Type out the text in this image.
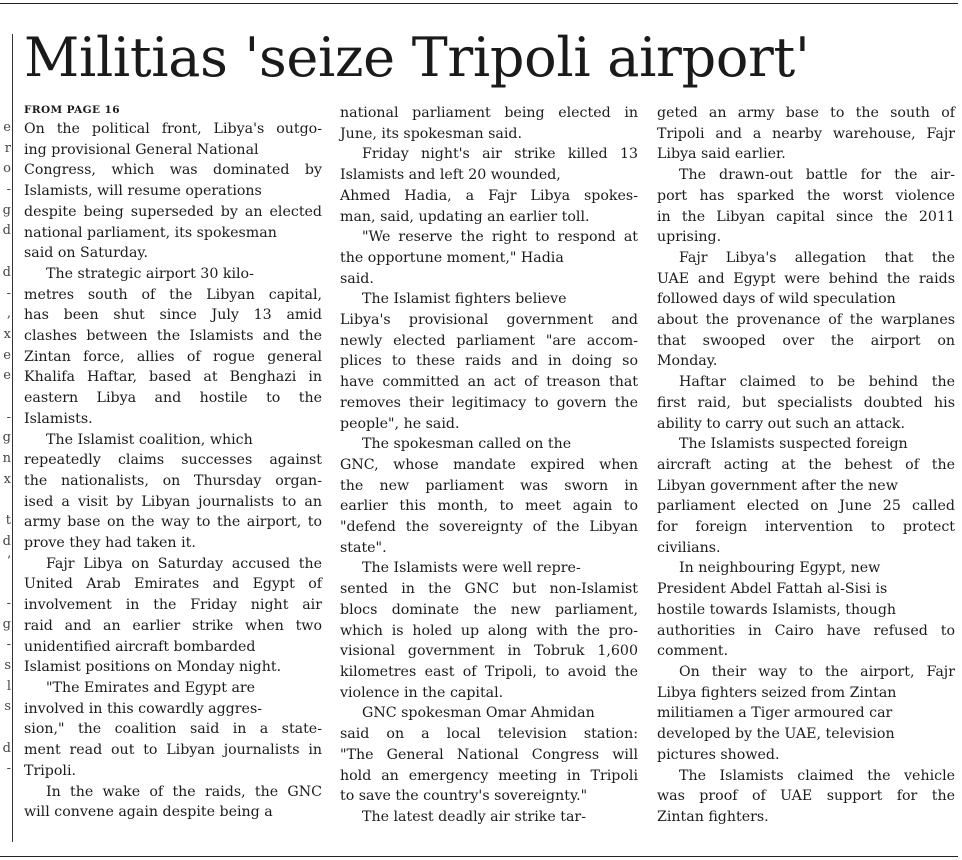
e
r
o
-
g
d
d
-
,
x
e
e
-
g
n
x
t
d
’
-
g
-
s
l
s
d
-
Militias 'seize Tripoli airport'
FROM PAGE 16
On the political front, Libya's outgo-
ing provisional General National
Congress, which was dominated by
Islamists, will resume operations
despite being superseded by an elected
national parliament, its spokesman
said on Saturday.
The strategic airport 30 kilo-
metres south of the Libyan capital,
has been shut since July 13 amid
clashes between the Islamists and the
Zintan force, allies of rogue general
Khalifa Haftar, based at Benghazi in
eastern Libya and hostile to the
Islamists.
The Islamist coalition, which
repeatedly claims successes against
the nationalists, on Thursday organ-
ised a visit by Libyan journalists to an
army base on the way to the airport, to
prove they had taken it.
Fajr Libya on Saturday accused the
United Arab Emirates and Egypt of
involvement in the Friday night air
raid and an earlier strike when two
unidentified aircraft bombarded
Islamist positions on Monday night.
"The Emirates and Egypt are
involved in this cowardly aggres-
sion," the coalition said in a state-
ment read out to Libyan journalists in
Tripoli.
In the wake of the raids, the GNC
will convene again despite being a
national parliament being elected in
June, its spokesman said.
Friday night's air strike killed 13
Islamists and left 20 wounded,
Ahmed Hadia, a Fajr Libya spokes-
man, said, updating an earlier toll.
"We reserve the right to respond at
the opportune moment," Hadia
said.
The Islamist fighters believe
Libya's provisional government and
newly elected parliament "are accom-
plices to these raids and in doing so
have committed an act of treason that
removes their legitimacy to govern the
people", he said.
The spokesman called on the
GNC, whose mandate expired when
the new parliament was sworn in
earlier this month, to meet again to
"defend the sovereignty of the Libyan
state".
The Islamists were well repre-
sented in the GNC but non-Islamist
blocs dominate the new parliament,
which is holed up along with the pro-
visional government in Tobruk 1,600
kilometres east of Tripoli, to avoid the
violence in the capital.
GNC spokesman Omar Ahmidan
said on a local television station:
"The General National Congress will
hold an emergency meeting in Tripoli
to save the country's sovereignty."
The latest deadly air strike tar-
geted an army base to the south of
Tripoli and a nearby warehouse, Fajr
Libya said earlier.
The drawn-out battle for the air-
port has sparked the worst violence
in the Libyan capital since the 2011
uprising.
Fajr Libya's allegation that the
UAE and Egypt were behind the raids
followed days of wild speculation
about the provenance of the warplanes
that swooped over the airport on
Monday.
Haftar claimed to be behind the
first raid, but specialists doubted his
ability to carry out such an attack.
The Islamists suspected foreign
aircraft acting at the behest of the
Libyan government after the new
parliament elected on June 25 called
for foreign intervention to protect
civilians.
In neighbouring Egypt, new
President Abdel Fattah al-Sisi is
hostile towards Islamists, though
authorities in Cairo have refused to
comment.
On their way to the airport, Fajr
Libya fighters seized from Zintan
militiamen a Tiger armoured car
developed by the UAE, television
pictures showed.
The Islamists claimed the vehicle
was proof of UAE support for the
Zintan fighters.
